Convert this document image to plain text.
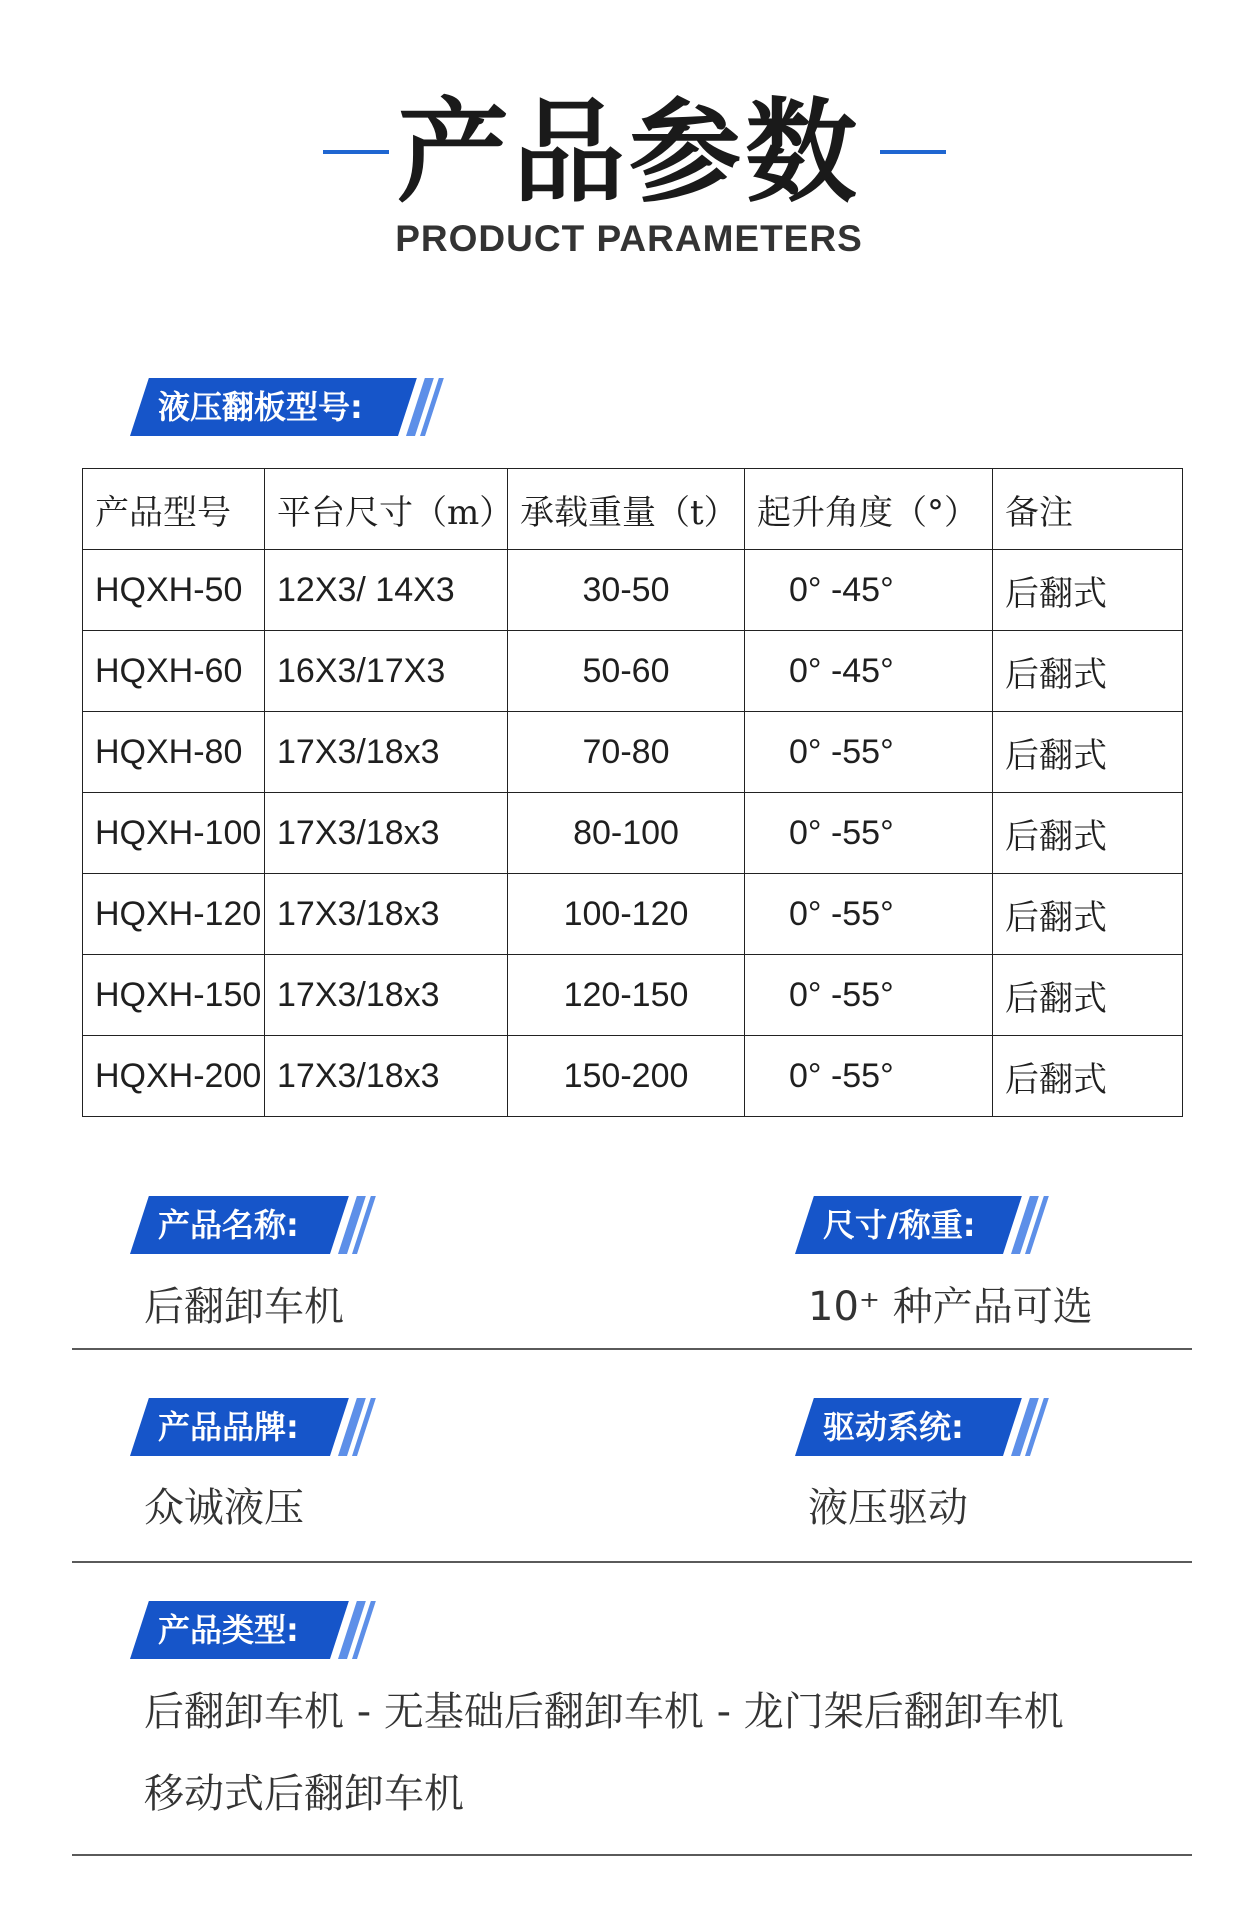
产品参数
PRODUCT PARAMETERS
液压翻板型号:
产品型号	平台尺寸（m）	承载重量（t）	起升角度（°）	备注
HQXH-50	12X3/ 14X3	30-50	0° -45°	后翻式
HQXH-60	16X3/17X3	50-60	0° -45°	后翻式
HQXH-80	17X3/18x3	70-80	0° -55°	后翻式
HQXH-100	17X3/18x3	80-100	0° -55°	后翻式
HQXH-120	17X3/18x3	100-120	0° -55°	后翻式
HQXH-150	17X3/18x3	120-150	0° -55°	后翻式
HQXH-200	17X3/18x3	150-200	0° -55°	后翻式
产品名称:
后翻卸车机
尺寸/称重:
10⁺ 种产品可选
产品品牌:
众诚液压
驱动系统:
液压驱动
产品类型:
后翻卸车机 - 无基础后翻卸车机 - 龙门架后翻卸车机
移动式后翻卸车机
